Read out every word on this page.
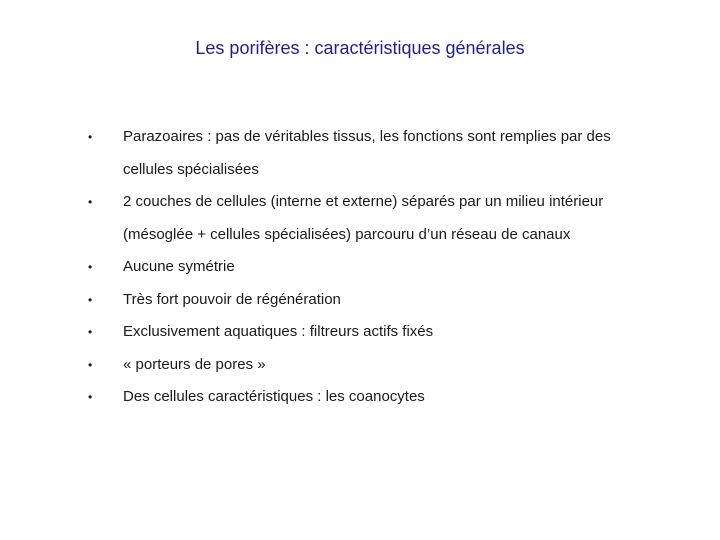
Les porifères : caractéristiques générales
• Parazoaires : pas de véritables tissus, les fonctions sont remplies par des cellules spécialisées
• 2 couches de cellules (interne et externe) séparés par un milieu intérieur (mésoglée + cellules spécialisées) parcouru d’un réseau de canaux
• Aucune symétrie
• Très fort pouvoir de régénération
• Exclusivement aquatiques : filtreurs actifs fixés
• « porteurs de pores »
• Des cellules caractéristiques : les coanocytes
